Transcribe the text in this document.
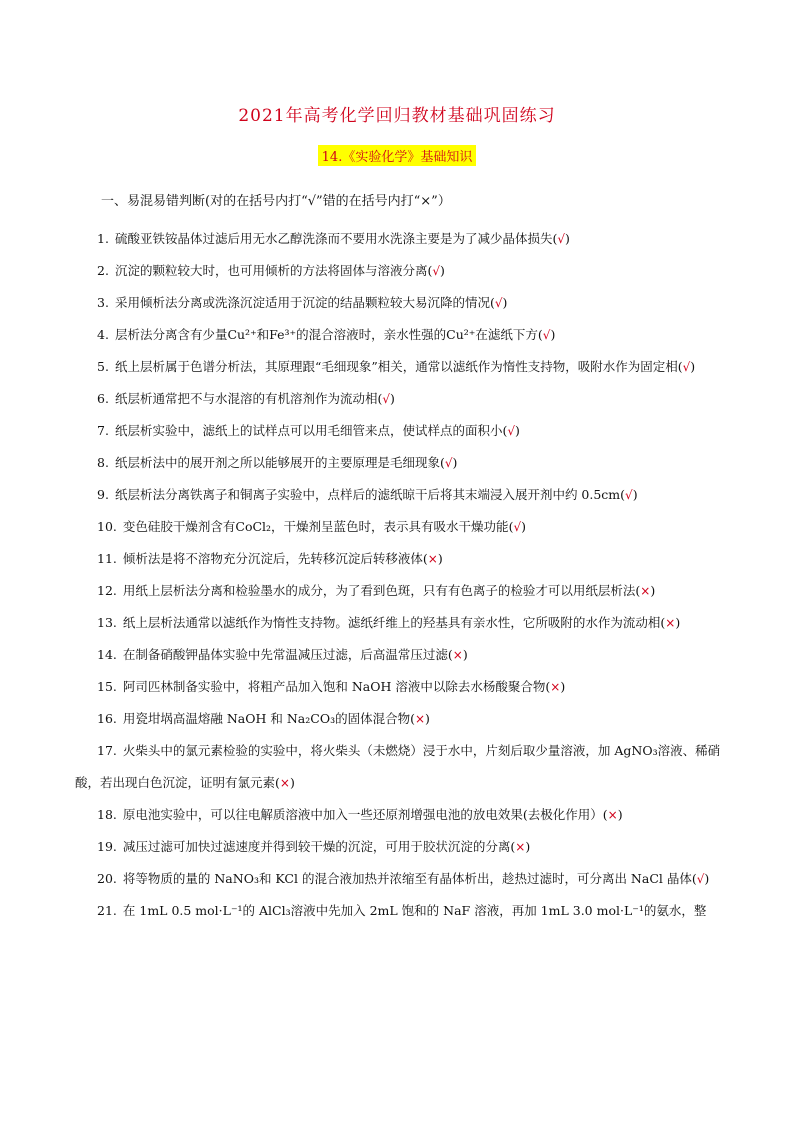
2021年高考化学回归教材基础巩固练习
14.《实验化学》基础知识

一、易混易错判断(对的在括号内打“√”错的在括号内打“×”）

1. 硫酸亚铁铵晶体过滤后用无水乙醇洗涤而不要用水洗涤主要是为了减少晶体损失(√)
2. 沉淀的颗粒较大时，也可用倾析的方法将固体与溶液分离(√)
3. 采用倾析法分离或洗涤沉淀适用于沉淀的结晶颗粒较大易沉降的情况(√)
4. 层析法分离含有少量Cu²⁺和Fe³⁺的混合溶液时，亲水性强的Cu²⁺在滤纸下方(√)
5. 纸上层析属于色谱分析法，其原理跟“毛细现象”相关，通常以滤纸作为惰性支持物，吸附水作为固定相(√)
6. 纸层析通常把不与水混溶的有机溶剂作为流动相(√)
7. 纸层析实验中，滤纸上的试样点可以用毛细管来点，使试样点的面积小(√)
8. 纸层析法中的展开剂之所以能够展开的主要原理是毛细现象(√)
9. 纸层析法分离铁离子和铜离子实验中，点样后的滤纸晾干后将其末端浸入展开剂中约 0.5cm(√)
10. 变色硅胶干燥剂含有CoCl₂，干燥剂呈蓝色时，表示具有吸水干燥功能(√)
11. 倾析法是将不溶物充分沉淀后，先转移沉淀后转移液体(×)
12. 用纸上层析法分离和检验墨水的成分，为了看到色斑，只有有色离子的检验才可以用纸层析法(×)
13. 纸上层析法通常以滤纸作为惰性支持物。滤纸纤维上的羟基具有亲水性，它所吸附的水作为流动相(×)
14. 在制备硝酸钾晶体实验中先常温减压过滤，后高温常压过滤(×)
15. 阿司匹林制备实验中，将粗产品加入饱和 NaOH 溶液中以除去水杨酸聚合物(×)
16. 用瓷坩埚高温熔融 NaOH 和 Na₂CO₃的固体混合物(×)
17. 火柴头中的氯元素检验的实验中，将火柴头（未燃烧）浸于水中，片刻后取少量溶液，加 AgNO₃溶液、稀硝酸，若出现白色沉淀，证明有氯元素(×)
18. 原电池实验中，可以往电解质溶液中加入一些还原剂增强电池的放电效果(去极化作用）(×)
19. 减压过滤可加快过滤速度并得到较干燥的沉淀，可用于胶状沉淀的分离(×)
20. 将等物质的量的 NaNO₃和 KCl 的混合液加热并浓缩至有晶体析出，趁热过滤时，可分离出 NaCl 晶体(√)
21. 在 1mL 0.5 mol·L⁻¹的 AlCl₃溶液中先加入 2mL 饱和的 NaF 溶液，再加 1mL 3.0 mol·L⁻¹的氨水，整
